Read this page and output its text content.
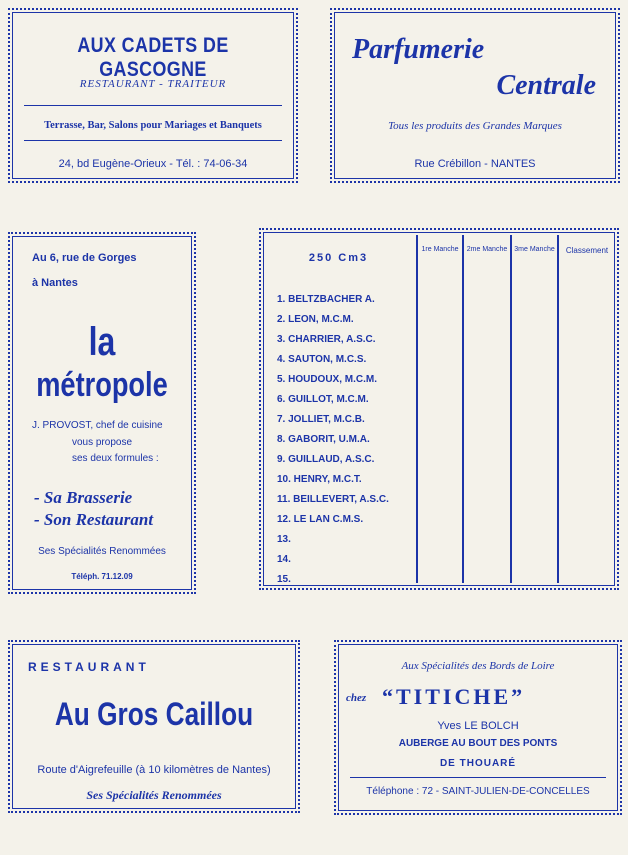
AUX CADETS DE GASCOGNE
RESTAURANT - TRAITEUR
Terrasse, Bar, Salons pour Mariages et Banquets
24, bd Eugène-Orieux - Tél. : 74-06-34
Parfumerie
Centrale
Tous les produits des Grandes Marques
Rue Crébillon - NANTES
Au 6, rue de Gorges
à Nantes
la
métropole
J. PROVOST, chef de cuisine
vous propose
ses deux formules :
- Sa Brasserie
- Son Restaurant
Ses Spécialités Renommées
Téléph. 71.12.09
250 Cm3
1re Manche	2me Manche	3me Manche	Classement
1. BELTZBACHER A.
2. LEON, M.C.M.
3. CHARRIER, A.S.C.
4. SAUTON, M.C.S.
5. HOUDOUX, M.C.M.
6. GUILLOT, M.C.M.
7. JOLLIET, M.C.B.
8. GABORIT, U.M.A.
9. GUILLAUD, A.S.C.
10. HENRY, M.C.T.
11. BEILLEVERT, A.S.C.
12. LE LAN C.M.S.
13.
14.
15.
RESTAURANT
Au Gros Caillou
Route d'Aigrefeuille (à 10 kilomètres de Nantes)
Ses Spécialités Renommées
Aux Spécialités des Bords de Loire
chez “TITICHE”
Yves LE BOLCH
AUBERGE AU BOUT DES PONTS
DE THOUARÉ
Téléphone : 72 - SAINT-JULIEN-DE-CONCELLES
